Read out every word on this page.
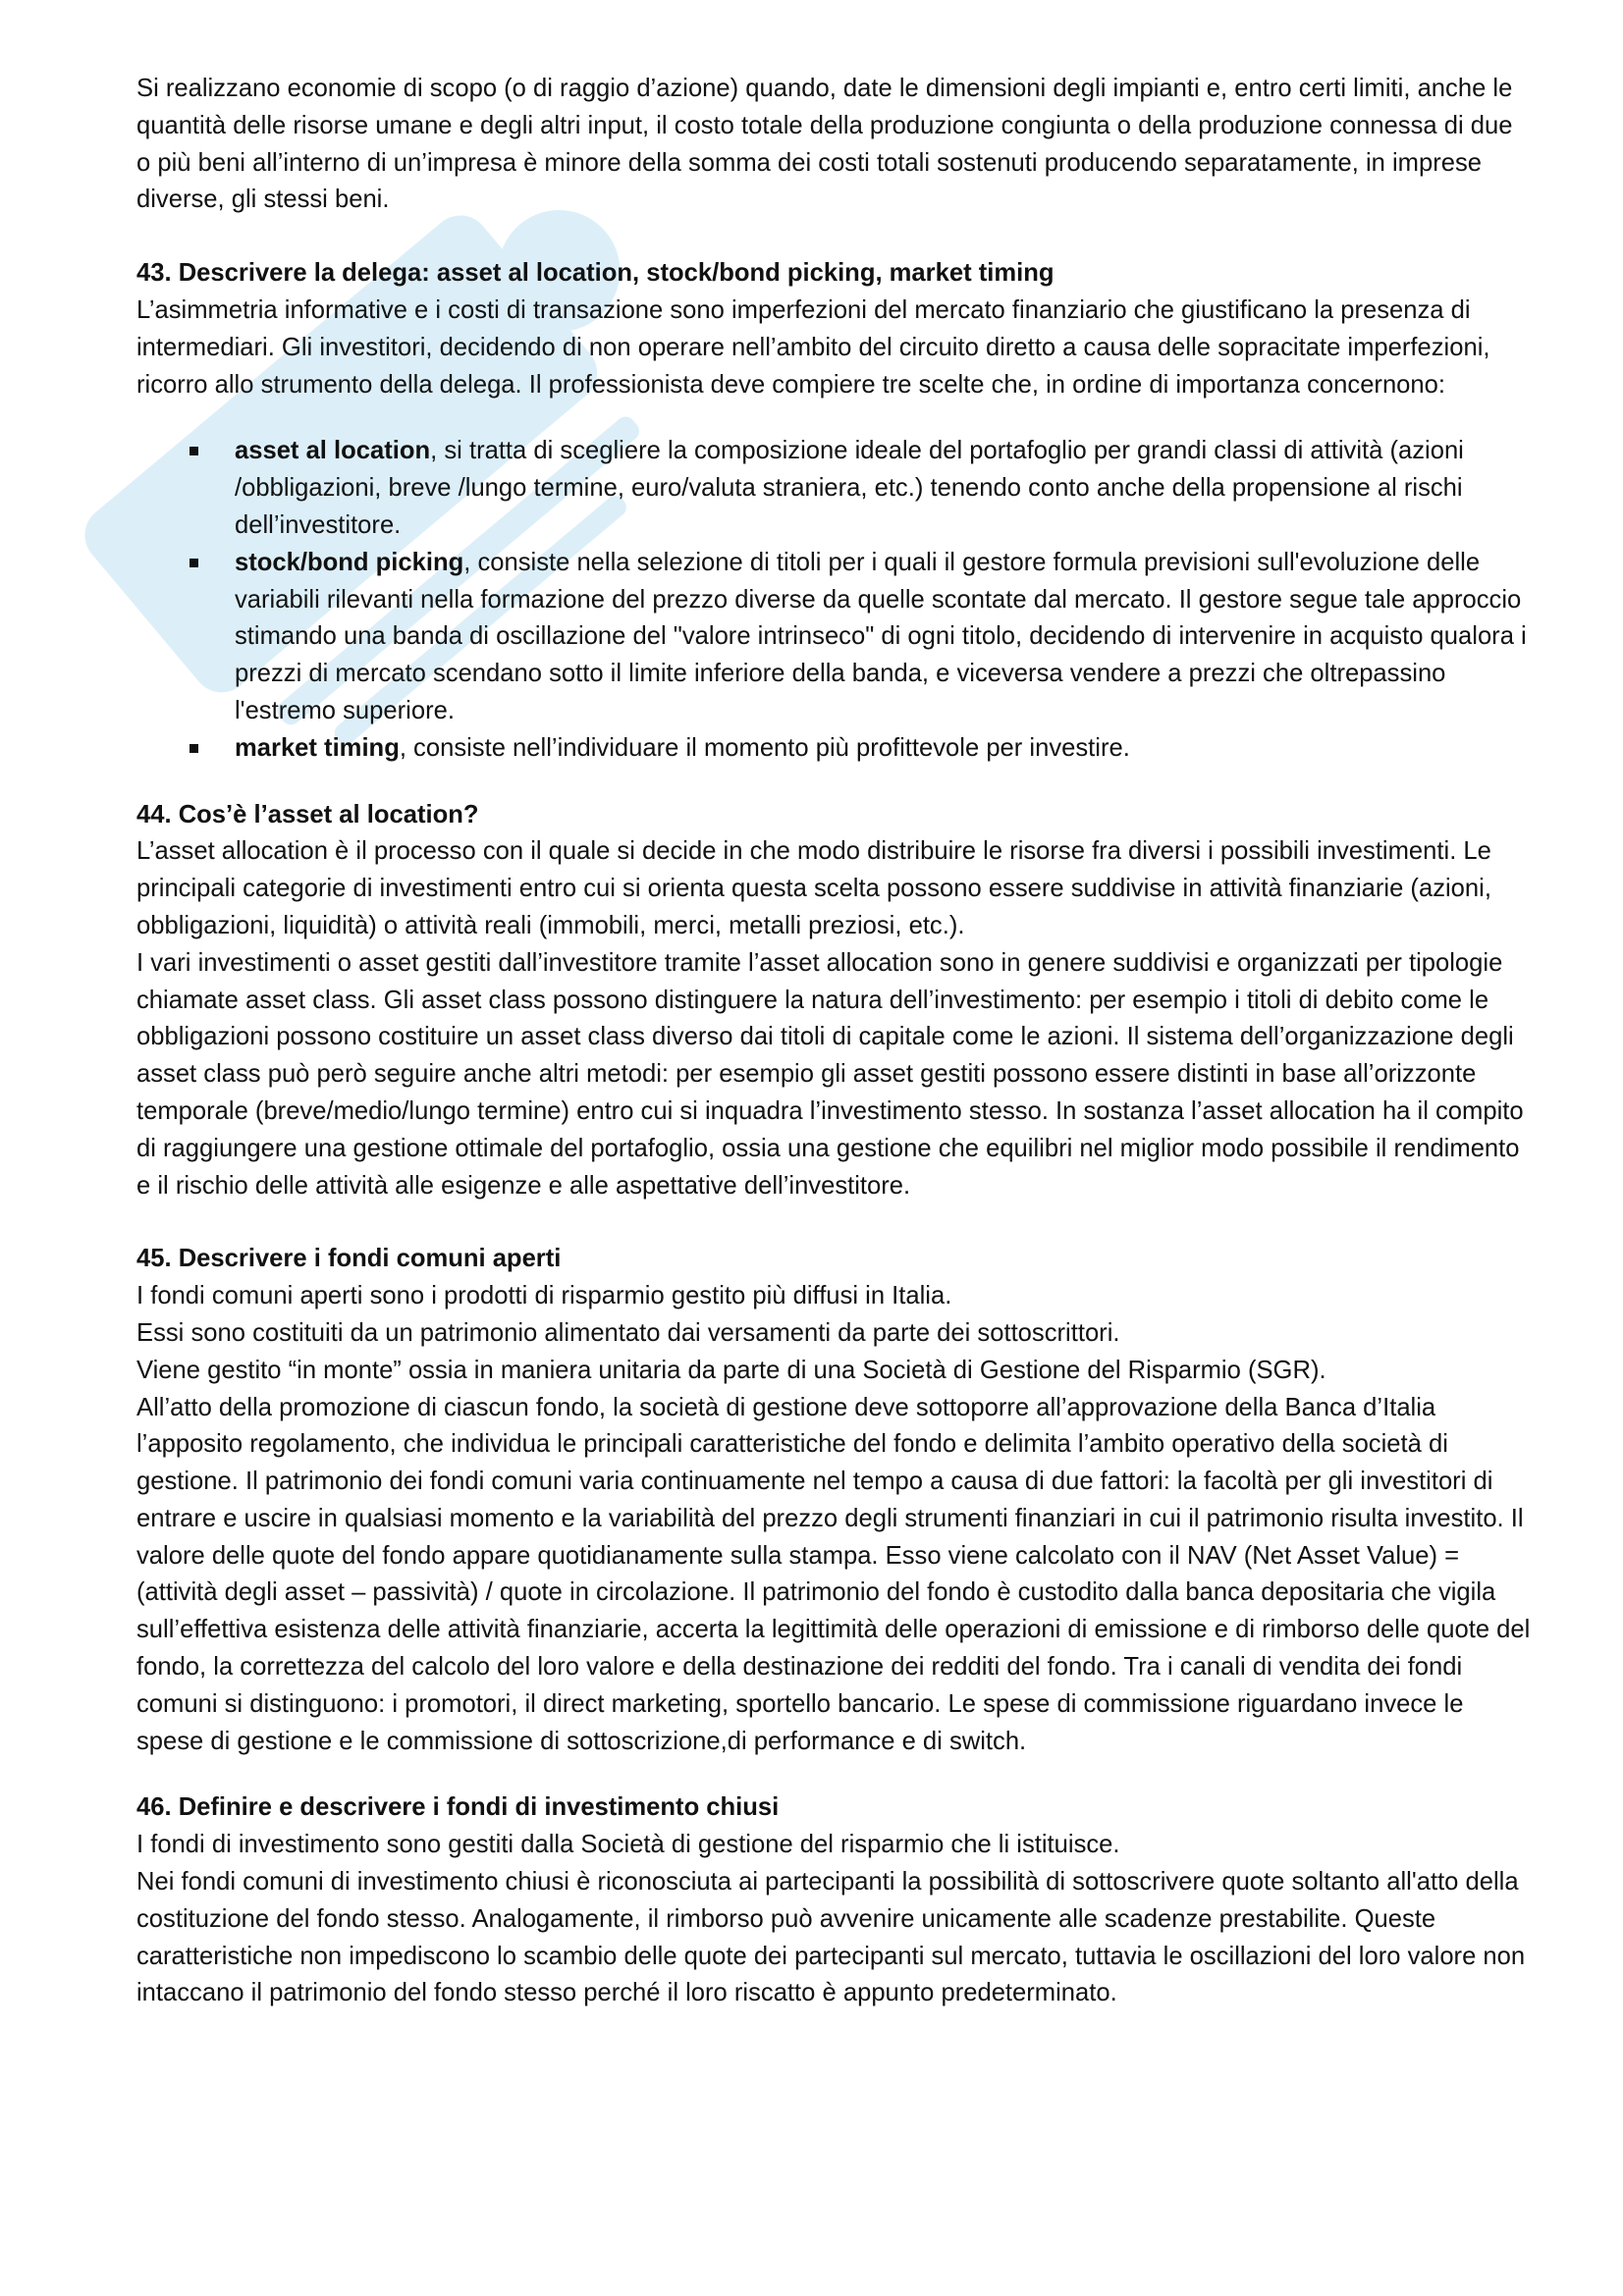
Si realizzano economie di scopo (o di raggio d’azione) quando, date le dimensioni degli impianti e, entro certi limiti, anche le quantità delle risorse umane e degli altri input, il costo totale della produzione congiunta o della produzione connessa di due o più beni all’interno di un’impresa è minore della somma dei costi totali sostenuti producendo separatamente, in imprese diverse, gli stessi beni.

43. Descrivere la delega: asset al location, stock/bond picking, market timing

L’asimmetria informative e i costi di transazione sono imperfezioni del mercato finanziario che giustificano la presenza di intermediari. Gli investitori, decidendo di non operare nell’ambito del circuito diretto a causa delle sopracitate imperfezioni, ricorro allo strumento della delega. Il professionista deve compiere tre scelte che, in ordine di importanza concernono:

asset al location, si tratta di scegliere la composizione ideale del portafoglio per grandi classi di attività (azioni /obbligazioni, breve /lungo termine, euro/valuta straniera, etc.) tenendo conto anche della propensione al rischi dell’investitore.
stock/bond picking, consiste nella selezione di titoli per i quali il gestore formula previsioni sull'evoluzione delle variabili rilevanti nella formazione del prezzo diverse da quelle scontate dal mercato. Il gestore segue tale approccio stimando una banda di oscillazione del "valore intrinseco" di ogni titolo, decidendo di intervenire in acquisto qualora i prezzi di mercato scendano sotto il limite inferiore della banda, e viceversa vendere a prezzi che oltrepassino l'estremo superiore.
market timing, consiste nell’individuare il momento più profittevole per investire.
44. Cos’è l’asset al location?

L’asset allocation è il processo con il quale si decide in che modo distribuire le risorse fra diversi i possibili investimenti. Le principali categorie di investimenti entro cui si orienta questa scelta possono essere suddivise in attività finanziarie (azioni, obbligazioni, liquidità) o attività reali (immobili, merci, metalli preziosi, etc.).

I vari investimenti o asset gestiti dall’investitore tramite l’asset allocation sono in genere suddivisi e organizzati per tipologie chiamate asset class. Gli asset class possono distinguere la natura dell’investimento: per esempio i titoli di debito come le obbligazioni possono costituire un asset class diverso dai titoli di capitale come le azioni. Il sistema dell’organizzazione degli asset class può però seguire anche altri metodi: per esempio gli asset gestiti possono essere distinti in base all’orizzonte temporale (breve/medio/lungo termine) entro cui si inquadra l’investimento stesso. In sostanza l’asset allocation ha il compito di raggiungere una gestione ottimale del portafoglio, ossia una gestione che equilibri nel miglior modo possibile il rendimento e il rischio delle attività alle esigenze e alle aspettative dell’investitore.

45. Descrivere i fondi comuni aperti

I fondi comuni aperti sono i prodotti di risparmio gestito più diffusi in Italia.

Essi sono costituiti da un patrimonio alimentato dai versamenti da parte dei sottoscrittori.

Viene gestito “in monte” ossia in maniera unitaria da parte di una Società di Gestione del Risparmio (SGR).

All’atto della promozione di ciascun fondo, la società di gestione deve sottoporre all’approvazione della Banca d’Italia l’apposito regolamento, che individua le principali caratteristiche del fondo e delimita l’ambito operativo della società di gestione. Il patrimonio dei fondi comuni varia continuamente nel tempo a causa di due fattori: la facoltà per gli investitori di entrare e uscire in qualsiasi momento e la variabilità del prezzo degli strumenti finanziari in cui il patrimonio risulta investito. Il valore delle quote del fondo appare quotidianamente sulla stampa. Esso viene calcolato con il NAV (Net Asset Value) = (attività degli asset – passività) / quote in circolazione. Il patrimonio del fondo è custodito dalla banca depositaria che vigila sull’effettiva esistenza delle attività finanziarie, accerta la legittimità delle operazioni di emissione e di rimborso delle quote del fondo, la correttezza del calcolo del loro valore e della destinazione dei redditi del fondo. Tra i canali di vendita dei fondi comuni si distinguono: i promotori, il direct marketing, sportello bancario. Le spese di commissione riguardano invece le spese di gestione e le commissione di sottoscrizione,di performance e di switch.

46. Definire e descrivere i fondi di investimento chiusi

I fondi di investimento sono gestiti dalla Società di gestione del risparmio che li istituisce.

Nei fondi comuni di investimento chiusi è riconosciuta ai partecipanti la possibilità di sottoscrivere quote soltanto all'atto della costituzione del fondo stesso. Analogamente, il rimborso può avvenire unicamente alle scadenze prestabilite. Queste caratteristiche non impediscono lo scambio delle quote dei partecipanti sul mercato, tuttavia le oscillazioni del loro valore non intaccano il patrimonio del fondo stesso perché il loro riscatto è appunto predeterminato.
